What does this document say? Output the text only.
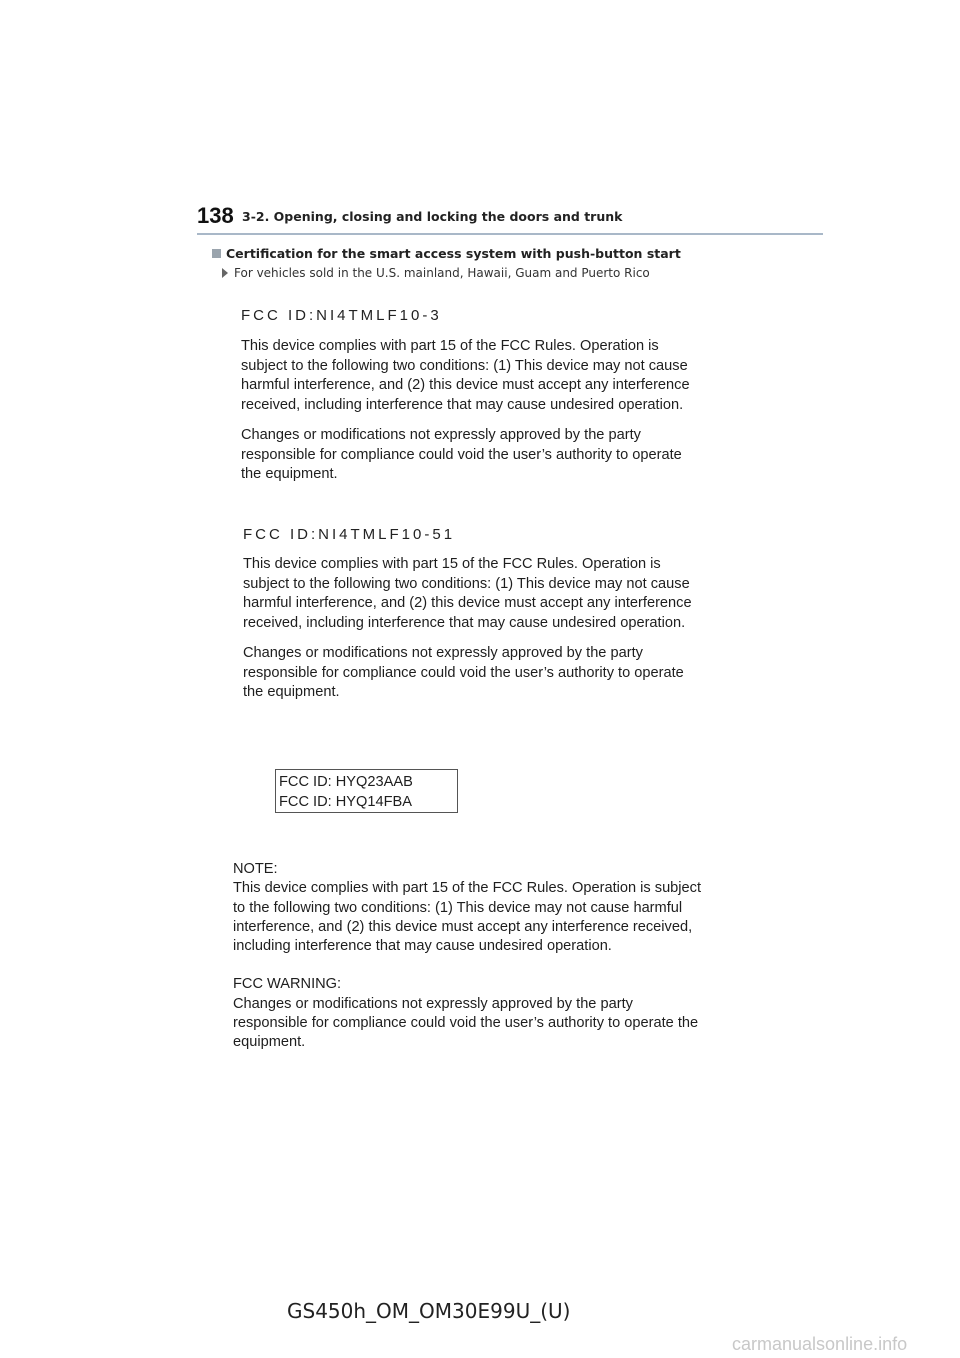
138 3-2. Opening, closing and locking the doors and trunk
Certification for the smart access system with push-button start
For vehicles sold in the U.S. mainland, Hawaii, Guam and Puerto Rico
FCC ID:NI4TMLF10-3

This device complies with part 15 of the FCC Rules. Operation is
subject to the following two conditions: (1) This device may not cause
harmful interference, and (2) this device must accept any interference
received, including interference that may cause undesired operation.

Changes or modifications not expressly approved by the party
responsible for compliance could void the user’s authority to operate
the equipment.

FCC ID:NI4TMLF10-51

This device complies with part 15 of the FCC Rules. Operation is
subject to the following two conditions: (1) This device may not cause
harmful interference, and (2) this device must accept any interference
received, including interference that may cause undesired operation.

Changes or modifications not expressly approved by the party
responsible for compliance could void the user’s authority to operate
the equipment.

FCC ID: HYQ23AAB
FCC ID: HYQ14FBA
NOTE:
This device complies with part 15 of the FCC Rules. Operation is subject
to the following two conditions: (1) This device may not cause harmful
interference, and (2) this device must accept any interference received,
including interference that may cause undesired operation.
FCC WARNING:
Changes or modifications not expressly approved by the party
responsible for compliance could void the user’s authority to operate the
equipment.
GS450h_OM_OM30E99U_(U)
carmanualsonline.info
